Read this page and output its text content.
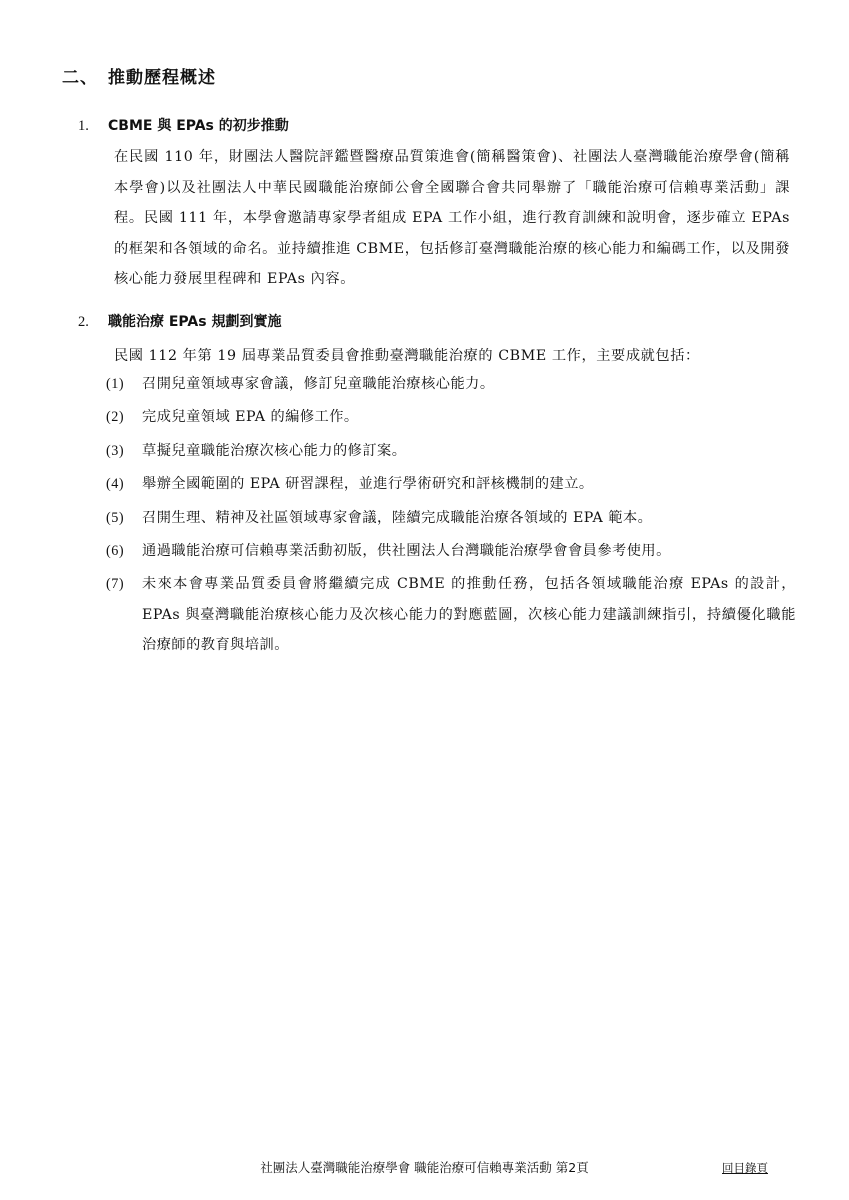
二、 推動歷程概述
1. CBME 與 EPAs 的初步推動
在民國 110 年，財團法人醫院評鑑暨醫療品質策進會(簡稱醫策會)、社團法人臺灣職能治療學會(簡稱本學會)以及社團法人中華民國職能治療師公會全國聯合會共同舉辦了「職能治療可信賴專業活動」課程。民國 111 年，本學會邀請專家學者組成 EPA 工作小組，進行教育訓練和說明會，逐步確立 EPAs 的框架和各領域的命名。並持續推進 CBME，包括修訂臺灣職能治療的核心能力和編碼工作，以及開發核心能力發展里程碑和 EPAs 內容。
2. 職能治療 EPAs 規劃到實施
民國 112 年第 19 屆專業品質委員會推動臺灣職能治療的 CBME 工作，主要成就包括：
(1) 召開兒童領域專家會議，修訂兒童職能治療核心能力。
(2) 完成兒童領域 EPA 的編修工作。
(3) 草擬兒童職能治療次核心能力的修訂案。
(4) 舉辦全國範圍的 EPA 研習課程，並進行學術研究和評核機制的建立。
(5) 召開生理、精神及社區領域專家會議，陸續完成職能治療各領域的 EPA 範本。
(6) 通過職能治療可信賴專業活動初版，供社團法人台灣職能治療學會會員參考使用。
(7) 未來本會專業品質委員會將繼續完成 CBME 的推動任務，包括各領域職能治療 EPAs 的設計，EPAs 與臺灣職能治療核心能力及次核心能力的對應藍圖，次核心能力建議訓練指引，持續優化職能治療師的教育與培訓。
社團法人臺灣職能治療學會 職能治療可信賴專業活動 第2頁	回目錄頁
